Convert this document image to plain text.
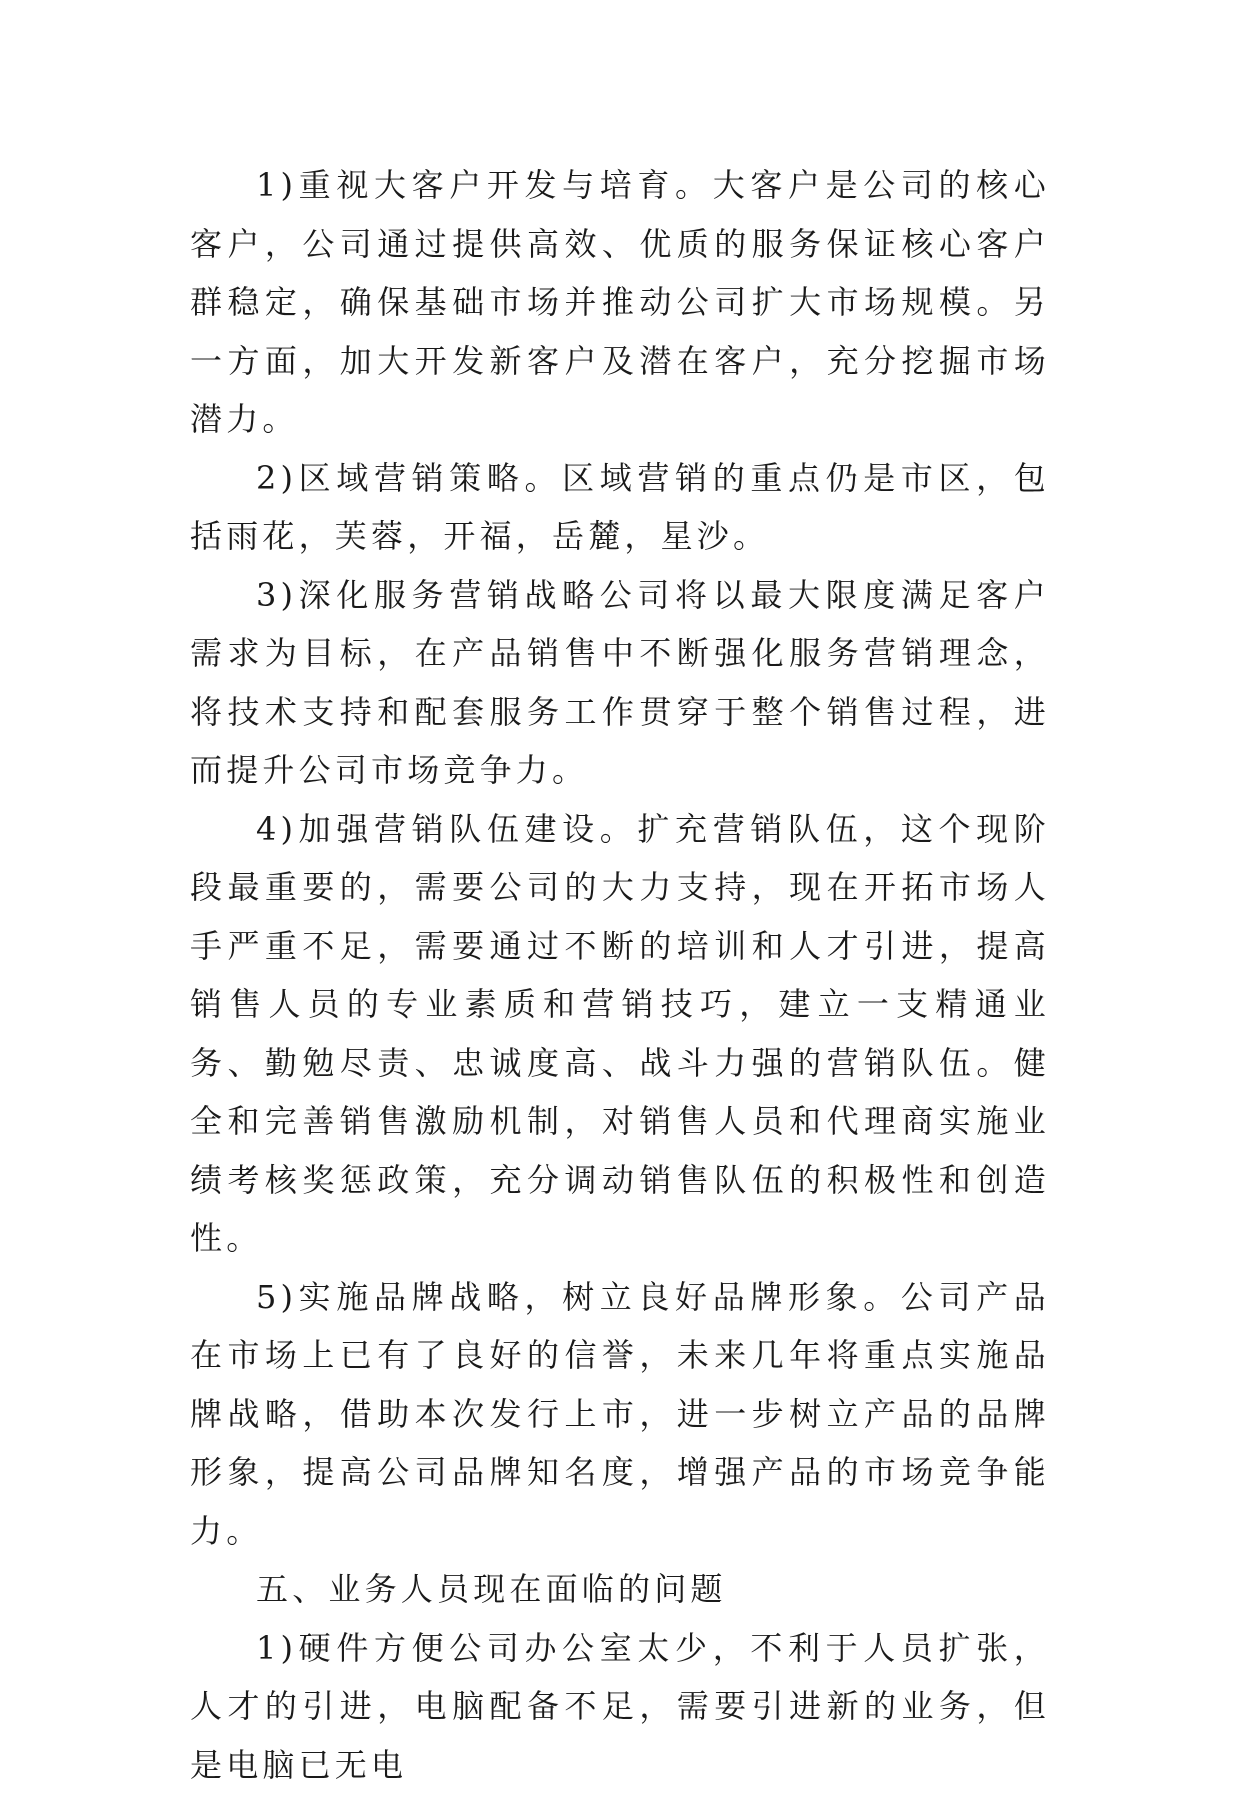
1)重视大客户开发与培育。大客户是公司的核心客户，公司通过提供高效、优质的服务保证核心客户群稳定，确保基础市场并推动公司扩大市场规模。另一方面，加大开发新客户及潜在客户，充分挖掘市场潜力。

2)区域营销策略。区域营销的重点仍是市区，包括雨花，芙蓉，开福，岳麓，星沙。

3)深化服务营销战略公司将以最大限度满足客户需求为目标，在产品销售中不断强化服务营销理念，将技术支持和配套服务工作贯穿于整个销售过程，进而提升公司市场竞争力。

4)加强营销队伍建设。扩充营销队伍，这个现阶段最重要的，需要公司的大力支持，现在开拓市场人手严重不足，需要通过不断的培训和人才引进，提高销售人员的专业素质和营销技巧，建立一支精通业务、勤勉尽责、忠诚度高、战斗力强的营销队伍。健全和完善销售激励机制，对销售人员和代理商实施业绩考核奖惩政策，充分调动销售队伍的积极性和创造性。

5)实施品牌战略，树立良好品牌形象。公司产品在市场上已有了良好的信誉，未来几年将重点实施品牌战略，借助本次发行上市，进一步树立产品的品牌形象，提高公司品牌知名度，增强产品的市场竞争能力。

五、业务人员现在面临的问题

1)硬件方便公司办公室太少，不利于人员扩张，人才的引进，电脑配备不足，需要引进新的业务，但是电脑已无电
